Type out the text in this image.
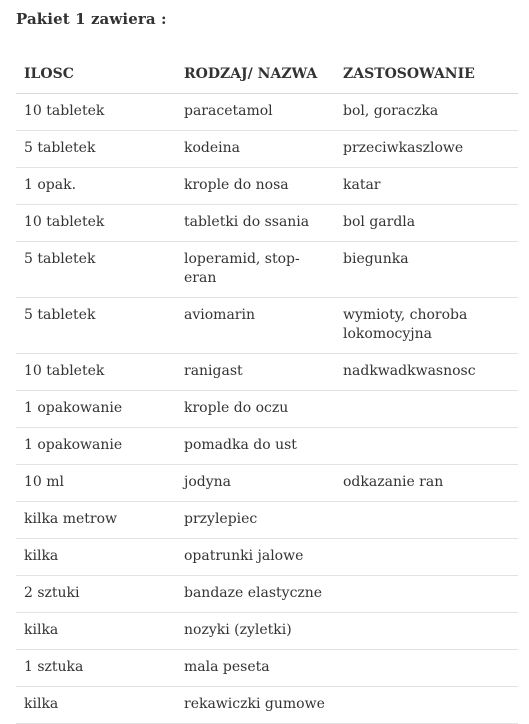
Pakiet 1 zawiera :
ILOSC	RODZAJ/ NAZWA	ZASTOSOWANIE
10 tabletek	paracetamol	bol, goraczka
5 tabletek	kodeina	przeciwkaszlowe
1 opak.	krople do nosa	katar
10 tabletek	tabletki do ssania	bol gardla
5 tabletek	loperamid, stop-eran	biegunka
5 tabletek	aviomarin	wymioty, choroba lokomocyjna
10 tabletek	ranigast	nadkwadkwasnosc
1 opakowanie	krople do oczu	
1 opakowanie	pomadka do ust	
10 ml	jodyna	odkazanie ran
kilka metrow	przylepiec	
kilka	opatrunki jalowe	
2 sztuki	bandaze elastyczne	
kilka	nozyki (zyletki)	
1 sztuka	mala peseta	
kilka	rekawiczki gumowe	
